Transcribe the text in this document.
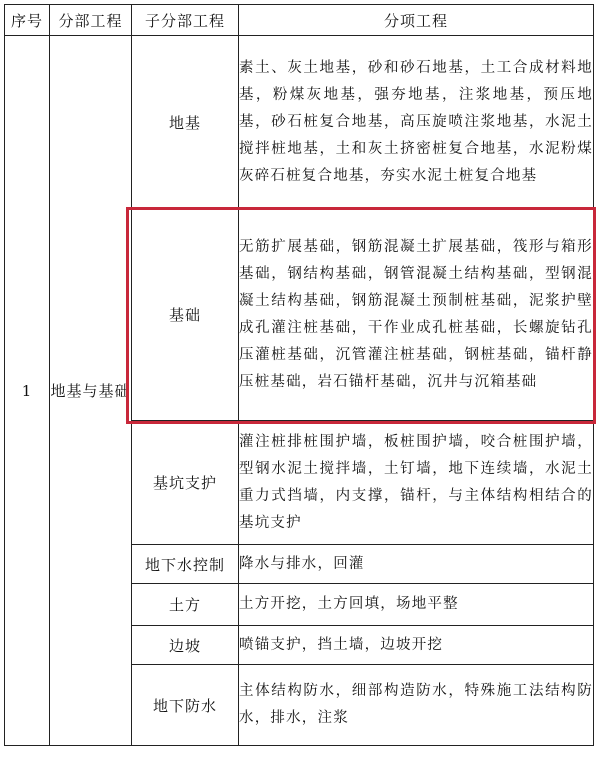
序号	分部工程	子分部工程	分项工程
1	地基与基础	地基	素土、灰土地基，砂和砂石地基，土工合成材料地基，粉煤灰地基，强夯地基，注浆地基，预压地基，砂石桩复合地基，高压旋喷注浆地基，水泥土搅拌桩地基，土和灰土挤密桩复合地基，水泥粉煤灰碎石桩复合地基，夯实水泥土桩复合地基
		基础	无筋扩展基础，钢筋混凝土扩展基础，筏形与箱形基础，钢结构基础，钢管混凝土结构基础，型钢混凝土结构基础，钢筋混凝土预制桩基础，泥浆护壁成孔灌注桩基础，干作业成孔桩基础，长螺旋钻孔压灌桩基础，沉管灌注桩基础，钢桩基础，锚杆静压桩基础，岩石锚杆基础，沉井与沉箱基础
		基坑支护	灌注桩排桩围护墙，板桩围护墙，咬合桩围护墙，型钢水泥土搅拌墙，土钉墙，地下连续墙，水泥土重力式挡墙，内支撑，锚杆，与主体结构相结合的基坑支护
		地下水控制	降水与排水，回灌
		土方	土方开挖，土方回填，场地平整
		边坡	喷锚支护，挡土墙，边坡开挖
		地下防水	主体结构防水，细部构造防水，特殊施工法结构防水，排水，注浆
